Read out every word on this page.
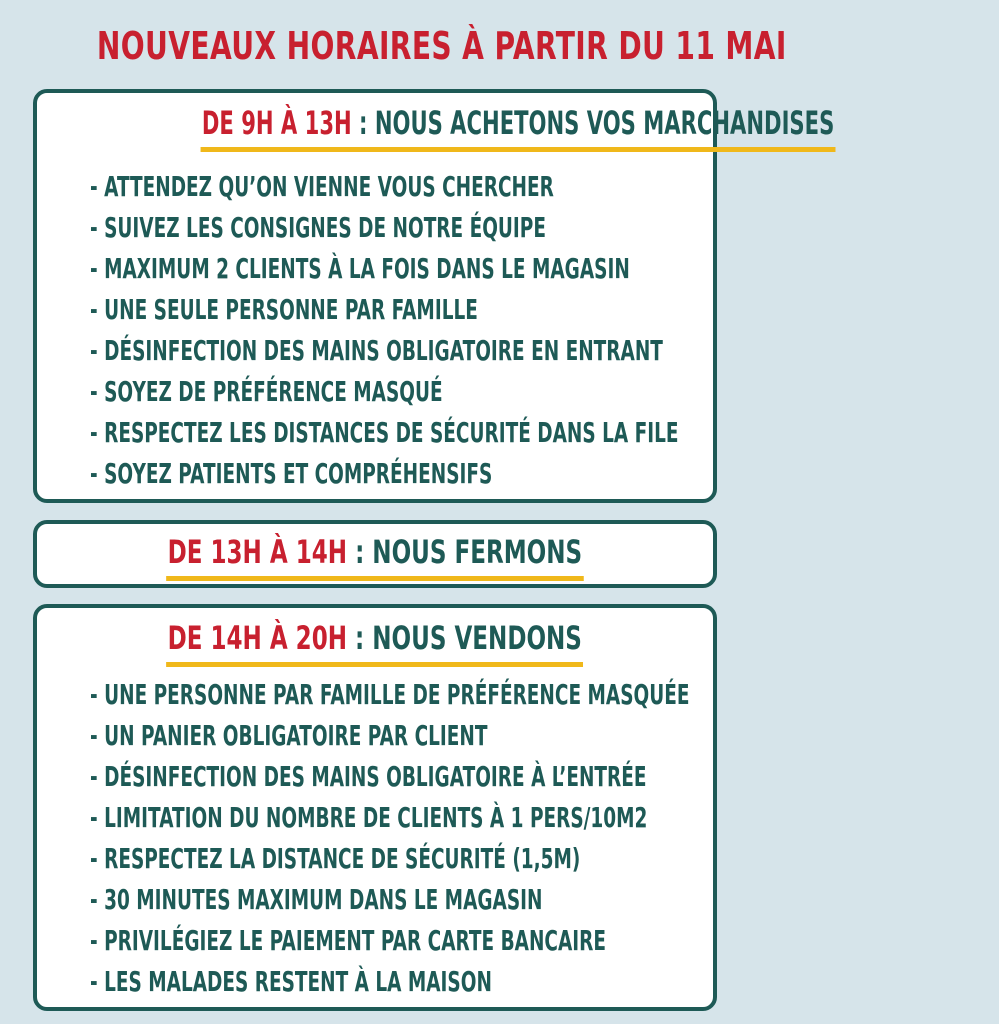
NOUVEAUX HORAIRES À PARTIR DU 11 MAI
DE 9H À 13H : NOUS ACHETONS VOS MARCHANDISES
- ATTENDEZ QU’ON VIENNE VOUS CHERCHER
- SUIVEZ LES CONSIGNES DE NOTRE ÉQUIPE
- MAXIMUM 2 CLIENTS À LA FOIS DANS LE MAGASIN
- UNE SEULE PERSONNE PAR FAMILLE
- DÉSINFECTION DES MAINS OBLIGATOIRE EN ENTRANT
- SOYEZ DE PRÉFÉRENCE MASQUÉ
- RESPECTEZ LES DISTANCES DE SÉCURITÉ DANS LA FILE
- SOYEZ PATIENTS ET COMPRÉHENSIFS
DE 13H À 14H : NOUS FERMONS
DE 14H À 20H : NOUS VENDONS
- UNE PERSONNE PAR FAMILLE DE PRÉFÉRENCE MASQUÉE
- UN PANIER OBLIGATOIRE PAR CLIENT
- DÉSINFECTION DES MAINS OBLIGATOIRE À L’ENTRÉE
- LIMITATION DU NOMBRE DE CLIENTS À 1 PERS/10M2
- RESPECTEZ LA DISTANCE DE SÉCURITÉ (1,5M)
- 30 MINUTES MAXIMUM DANS LE MAGASIN
- PRIVILÉGIEZ LE PAIEMENT PAR CARTE BANCAIRE
- LES MALADES RESTENT À LA MAISON
